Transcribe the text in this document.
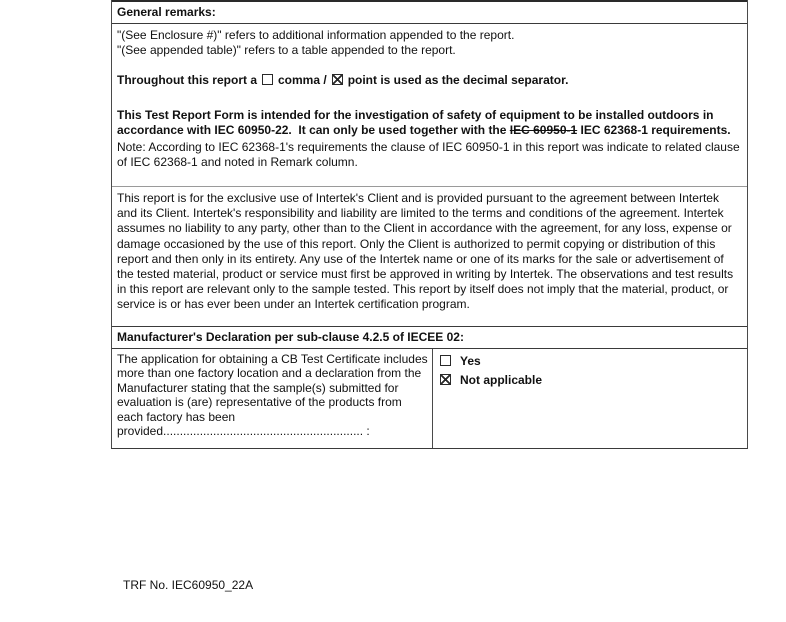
General remarks:

"(See Enclosure #)" refers to additional information appended to the report.

"(See appended table)" refers to a table appended to the report.

Throughout this report a comma / point is used as the decimal separator.

This Test Report Form is intended for the investigation of safety of equipment to be installed outdoors in accordance with IEC 60950-22.  It can only be used together with the IEC 60950-1 IEC 62368-1 requirements.

Note: According to IEC 62368-1's requirements the clause of IEC 60950-1 in this report was indicate to related clause of IEC 62368-1 and noted in Remark column.

This report is for the exclusive use of Intertek's Client and is provided pursuant to the agreement between Intertek and its Client. Intertek's responsibility and liability are limited to the terms and conditions of the agreement. Intertek assumes no liability to any party, other than to the Client in accordance with the agreement, for any loss, expense or damage occasioned by the use of this report. Only the Client is authorized to permit copying or distribution of this report and then only in its entirety. Any use of the Intertek name or one of its marks for the sale or advertisement of the tested material, product or service must first be approved in writing by Intertek. The observations and test results in this report are relevant only to the sample tested. This report by itself does not imply that the material, product, or service is or has ever been under an Intertek certification program.
Manufacturer's Declaration per sub-clause 4.2.5 of IECEE 02:
The application for obtaining a CB Test Certificate includes more than one factory location and a declaration from the Manufacturer stating that the sample(s) submitted for evaluation is (are) representative of the products from each factory has been provided............................................................ :
Yes
Not applicable
TRF No. IEC60950_22A
